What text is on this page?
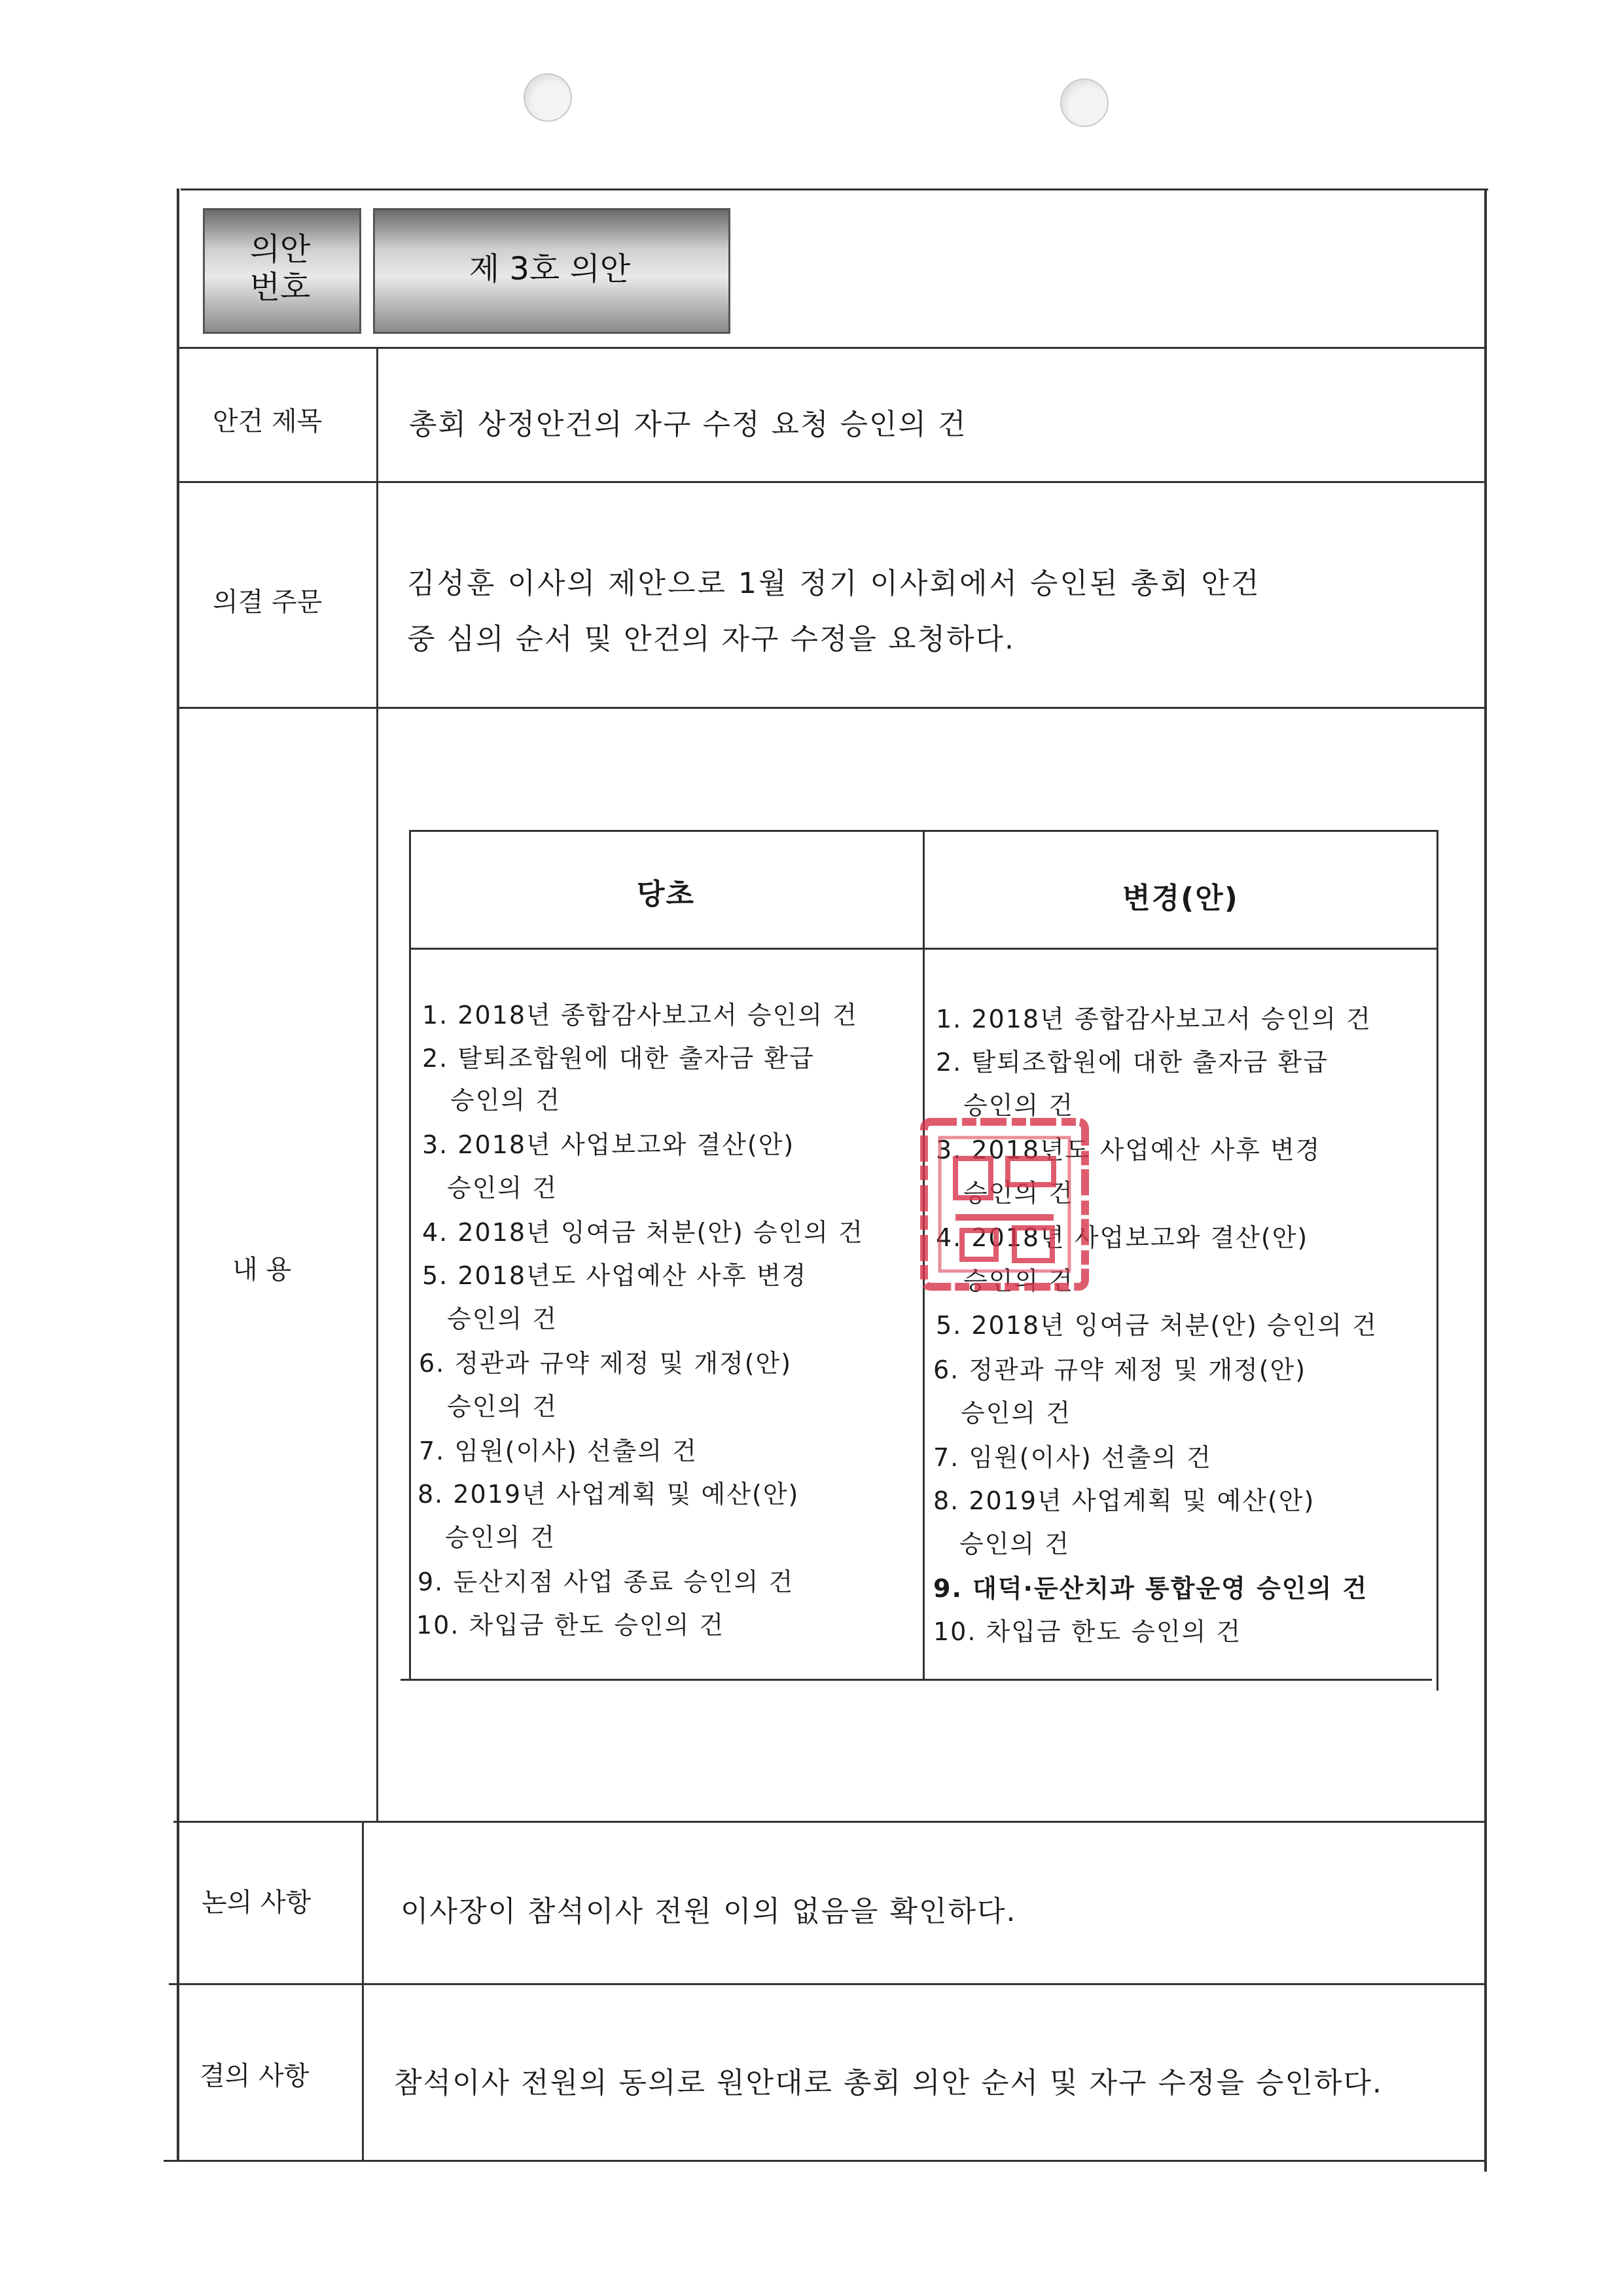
의안
번호	제 3호 의안
안건 제목
의결 주문
내 용
논의 사항
결의 사항
총회 상정안건의 자구 수정 요청 승인의 건
김성훈 이사의 제안으로 1월 정기 이사회에서 승인된 총회 안건
중 심의 순서 및 안건의 자구 수정을 요청하다.
이사장이 참석이사 전원 이의 없음을 확인하다.
참석이사 전원의 동의로 원안대로 총회 의안 순서 및 자구 수정을 승인하다.
당초	변경(안)
1. 2018년 종합감사보고서 승인의 건
2. 탈퇴조합원에 대한 출자금 환급
승인의 건
3. 2018년 사업보고와 결산(안)
승인의 건
4. 2018년 잉여금 처분(안) 승인의 건
5. 2018년도 사업예산 사후 변경
승인의 건
6. 정관과 규약 제정 및 개정(안)
승인의 건
7. 임원(이사) 선출의 건
8. 2019년 사업계획 및 예산(안)
승인의 건
9. 둔산지점 사업 종료 승인의 건
10. 차입금 한도 승인의 건
1. 2018년 종합감사보고서 승인의 건
2. 탈퇴조합원에 대한 출자금 환급
승인의 건
3. 2018년도 사업예산 사후 변경
승인의 건
4. 2018년 사업보고와 결산(안)
승인의 건
5. 2018년 잉여금 처분(안) 승인의 건
6. 정관과 규약 제정 및 개정(안)
승인의 건
7. 임원(이사) 선출의 건
8. 2019년 사업계획 및 예산(안)
승인의 건
9. 대덕·둔산치과 통합운영 승인의 건
10. 차입금 한도 승인의 건
